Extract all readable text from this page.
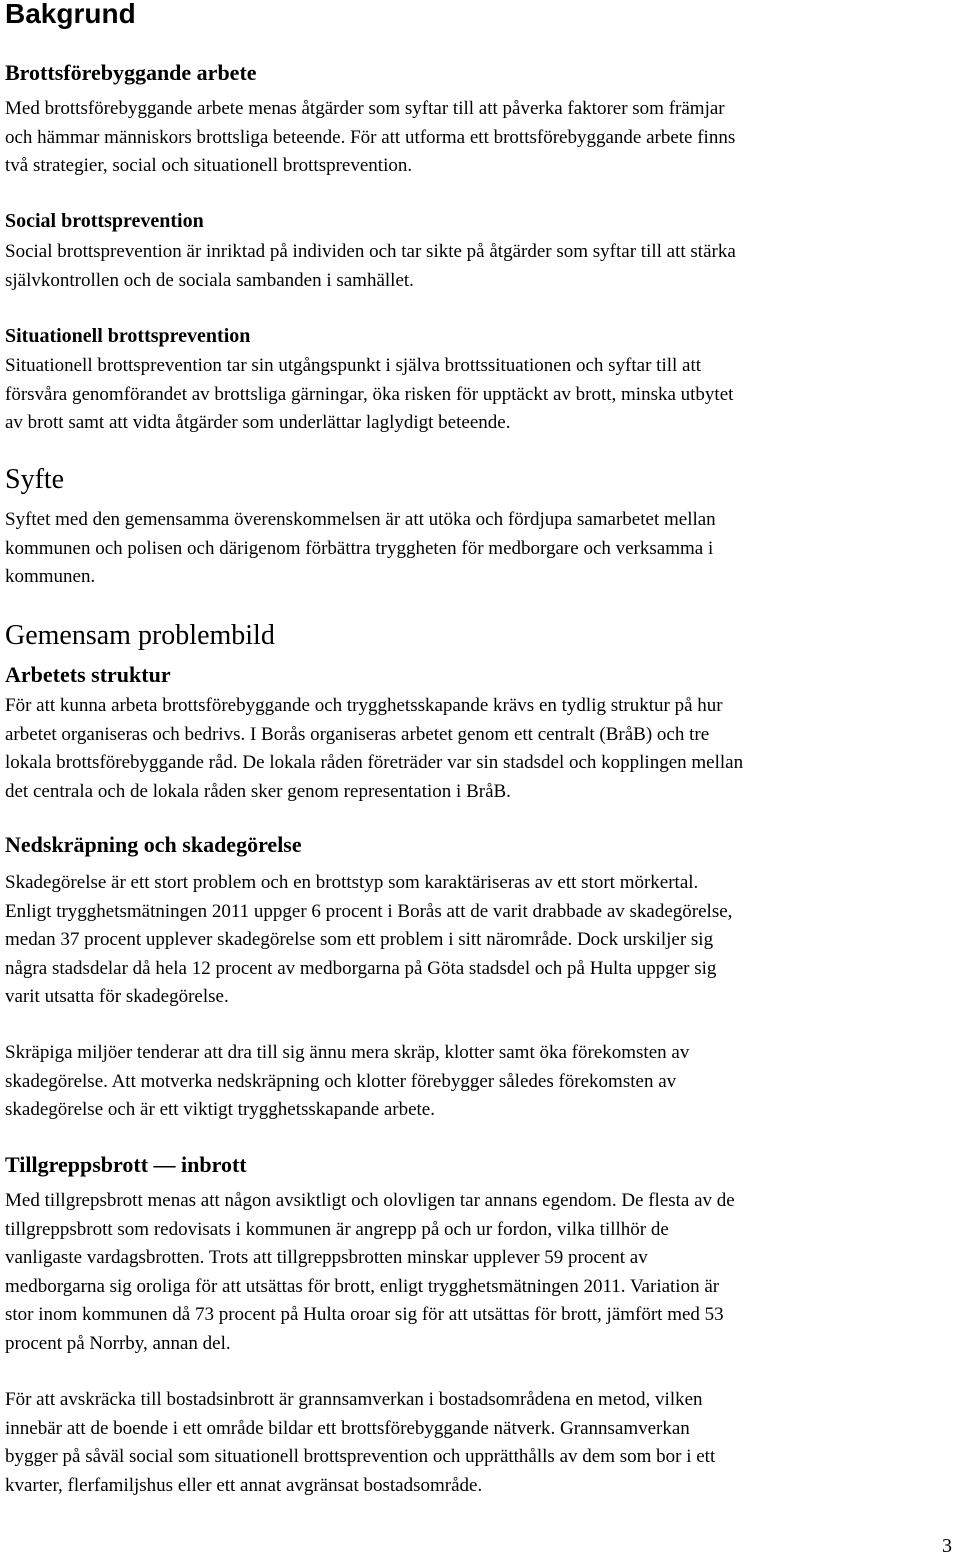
Bakgrund
Brottsförebyggande arbete

Med brottsförebyggande arbete menas åtgärder som syftar till att påverka faktorer som främjar
och hämmar människors brottsliga beteende. För att utforma ett brottsförebyggande arbete finns
två strategier, social och situationell brottsprevention.

Social brottsprevention

Social brottsprevention är inriktad på individen och tar sikte på åtgärder som syftar till att stärka
självkontrollen och de sociala sambanden i samhället.

Situationell brottsprevention

Situationell brottsprevention tar sin utgångspunkt i själva brottssituationen och syftar till att
försvåra genomförandet av brottsliga gärningar, öka risken för upptäckt av brott, minska utbytet
av brott samt att vidta åtgärder som underlättar laglydigt beteende.

Syfte

Syftet med den gemensamma överenskommelsen är att utöka och fördjupa samarbetet mellan
kommunen och polisen och därigenom förbättra tryggheten för medborgare och verksamma i
kommunen.

Gemensam problembild
Arbetets struktur

För att kunna arbeta brottsförebyggande och trygghetsskapande krävs en tydlig struktur på hur
arbetet organiseras och bedrivs. I Borås organiseras arbetet genom ett centralt (BråB) och tre
lokala brottsförebyggande råd. De lokala råden företräder var sin stadsdel och kopplingen mellan
det centrala och de lokala råden sker genom representation i BråB.

Nedskräpning och skadegörelse

Skadegörelse är ett stort problem och en brottstyp som karaktäriseras av ett stort mörkertal.
Enligt trygghetsmätningen 2011 uppger 6 procent i Borås att de varit drabbade av skadegörelse,
medan 37 procent upplever skadegörelse som ett problem i sitt närområde. Dock urskiljer sig
några stadsdelar då hela 12 procent av medborgarna på Göta stadsdel och på Hulta uppger sig
varit utsatta för skadegörelse.

Skräpiga miljöer tenderar att dra till sig ännu mera skräp, klotter samt öka förekomsten av
skadegörelse. Att motverka nedskräpning och klotter förebygger således förekomsten av
skadegörelse och är ett viktigt trygghetsskapande arbete.

Tillgreppsbrott — inbrott

Med tillgrepsbrott menas att någon avsiktligt och olovligen tar annans egendom. De flesta av de
tillgreppsbrott som redovisats i kommunen är angrepp på och ur fordon, vilka tillhör de
vanligaste vardagsbrotten. Trots att tillgreppsbrotten minskar upplever 59 procent av
medborgarna sig oroliga för att utsättas för brott, enligt trygghetsmätningen 2011. Variation är
stor inom kommunen då 73 procent på Hulta oroar sig för att utsättas för brott, jämfört med 53
procent på Norrby, annan del.

För att avskräcka till bostadsinbrott är grannsamverkan i bostadsområdena en metod, vilken
innebär att de boende i ett område bildar ett brottsförebyggande nätverk. Grannsamverkan
bygger på såväl social som situationell brottsprevention och upprätthålls av dem som bor i ett
kvarter, flerfamiljshus eller ett annat avgränsat bostadsområde.

3
